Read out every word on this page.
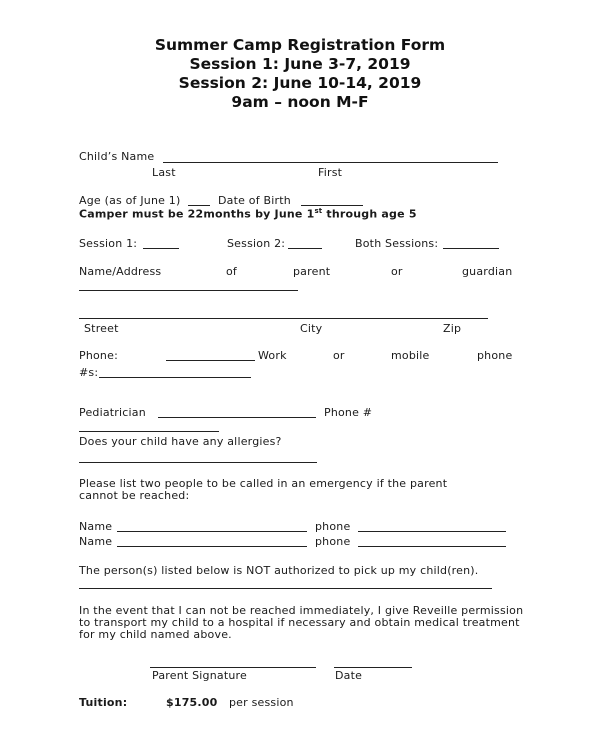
Summer Camp Registration Form
Session 1: June 3-7, 2019
Session 2: June 10-14, 2019
9am – noon M-F
Child’s Name
Last	First
Age (as of June 1)	Date of Birth
Camper must be 22months by June 1st through age 5
Session 1:	Session 2:	Both Sessions:
Name/Address	of	parent	or	guardian
Street	City	Zip
Phone:	Work	or	mobile	phone
#s:
Pediatrician	Phone #
Does your child have any allergies?
Please list two people to be called in an emergency if the parent cannot be reached:
Name	phone
Name	phone
The person(s) listed below is NOT authorized to pick up my child(ren).
In the event that I can not be reached immediately, I give Reveille permission to transport my child to a hospital if necessary and obtain medical treatment for my child named above.
Parent Signature	Date
Tuition:	$175.00 per session
